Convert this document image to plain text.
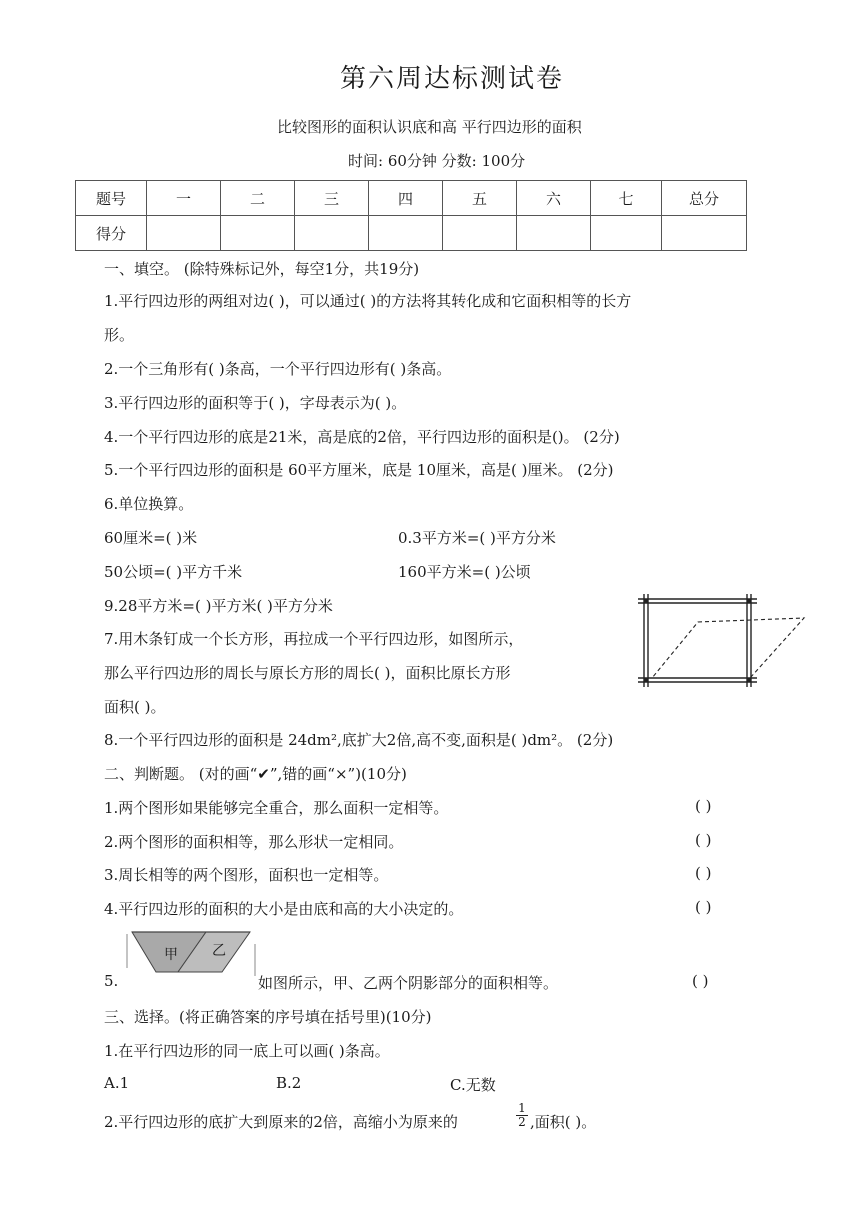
第六周达标测试卷
比较图形的面积认识底和高 平行四边形的面积
时间: 60分钟 分数: 100分
题号	一	二	三	四	五	六	七	总分
得分								
一、填空。 (除特殊标记外，每空1分，共19分)
1.平行四边形的两组对边( )，可以通过( )的方法将其转化成和它面积相等的长方
形。
2.一个三角形有( )条高，一个平行四边形有( )条高。
3.平行四边形的面积等于( )，字母表示为( )。
4.一个平行四边形的底是21米，高是底的2倍，平行四边形的面积是()。 (2分)
5.一个平行四边形的面积是 60平方厘米，底是 10厘米，高是( )厘米。 (2分)
6.单位换算。
60厘米=( )米	0.3平方米=( )平方分米
50公顷=( )平方千米	160平方米=( )公顷
9.28平方米=( )平方米( )平方分米
7.用木条钉成一个长方形，再拉成一个平行四边形，如图所示，
那么平行四边形的周长与原长方形的周长( )，面积比原长方形
面积( )。
8.一个平行四边形的面积是 24dm²,底扩大2倍,高不变,面积是( )dm²。 (2分)
二、判断题。 (对的画“✔”,错的画“×”)(10分)
1.两个图形如果能够完全重合，那么面积一定相等。	( )
2.两个图形的面积相等，那么形状一定相同。	( )
3.周长相等的两个图形，面积也一定相等。	( )
4.平行四边形的面积的大小是由底和高的大小决定的。	( )
5.
甲 乙
如图所示，甲、乙两个阴影部分的面积相等。	( )
三、选择。(将正确答案的序号填在括号里)(10分)
1.在平行四边形的同一底上可以画( )条高。
A.1	B.2	C.无数
2.平行四边形的底扩大到原来的2倍，高缩小为原来的	$\frac{1}{2}$ ,面积( )。
